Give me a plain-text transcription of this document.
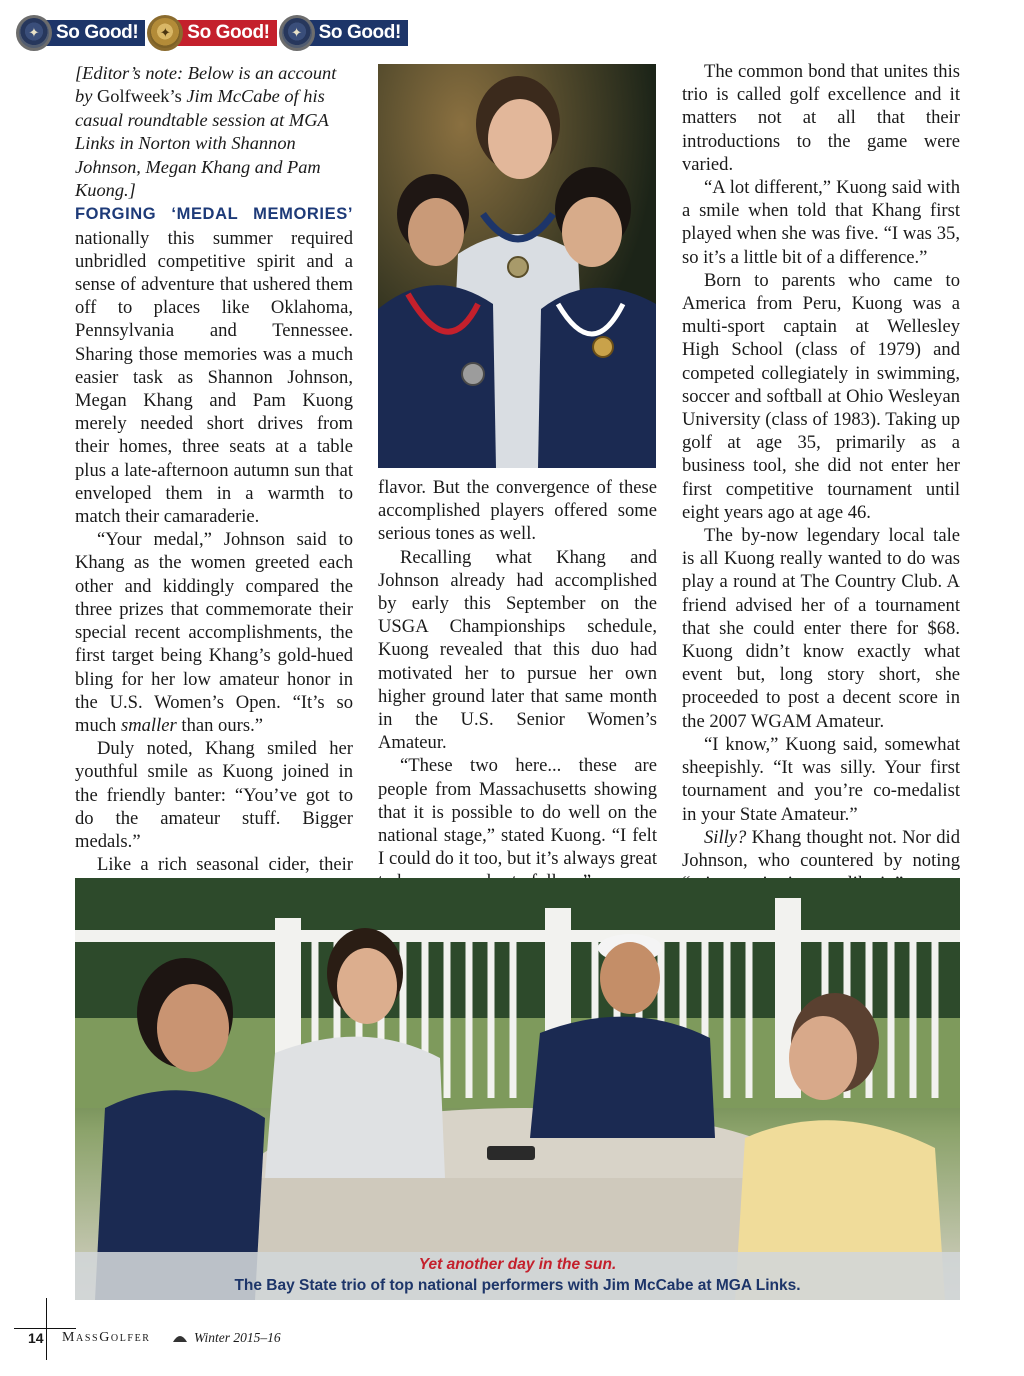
✦ So Good!	✦ So Good!	✦ So Good!

[Editor’s note: Below is an account by Golfweek’s Jim McCabe of his casual roundtable session at MGA Links in Norton with Shannon Johnson, Megan Khang and Pam Kuong.]

FORGING ‘MEDAL MEMORIES’ nationally this summer required unbridled competitive spirit and a sense of adventure that ushered them off to places like Oklahoma, Pennsylvania and Tennessee. Sharing those memories was a much easier task as Shannon Johnson, Megan Khang and Pam Kuong merely needed short drives from their homes, three seats at a table plus a late-afternoon autumn sun that enveloped them in a warmth to match their camaraderie.

“Your medal,” Johnson said to Khang as the women greeted each other and kiddingly compared the three prizes that commemorate their special recent accomplishments, the first target being Khang’s gold-hued bling for her low amateur honor in the U.S. Women’s Open. “It’s so much smaller than ours.”

Duly noted, Khang smiled her youthful smile as Kuong joined in the friendly banter: “You’ve got to do the amateur stuff. Bigger medals.”

Like a rich seasonal cider, their

flavor. But the convergence of these accomplished players offered some serious tones as well.

Recalling what Khang and Johnson already had accomplished by early this September on the USGA Championships schedule, Kuong revealed that this duo had motivated her to pursue her own higher ground later that same month in the U.S. Senior Women’s Amateur.

“These two here... these are people from Massachusetts showing that it is possible to do well on the national stage,” stated Kuong. “I felt I could do it too, but it’s always great

The common bond that unites this trio is called golf excellence and it matters not at all that their introductions to the game were varied.

“A lot different,” Kuong said with a smile when told that Khang first played when she was five. “I was 35, so it’s a little bit of a difference.”

Born to parents who came to America from Peru, Kuong was a multi-sport captain at Wellesley High School (class of 1979) and competed collegiately in swimming, soccer and softball at Ohio Wesleyan University (class of 1983). Taking up golf at age 35, primarily as a business tool, she did not enter her first competitive tournament until eight years ago at age 46.

The by-now legendary local tale is all Kuong really wanted to do was play a round at The Country Club. A friend advised her of a tournament that she could enter there for $68. Kuong didn’t know exactly what event but, long story short, she proceeded to post a decent score in the 2007 WGAM Amateur.

“I know,” Kuong said, somewhat sheepishly. “It was silly. Your first tournament and you’re co-medalist in your State Amateur.”

Silly? Khang thought not. Nor did Johnson, who countered by noting

Yet another day in the sun.
The Bay State trio of top national performers with Jim McCabe at MGA Links.
14 MassGolfer	Winter 2015–16
